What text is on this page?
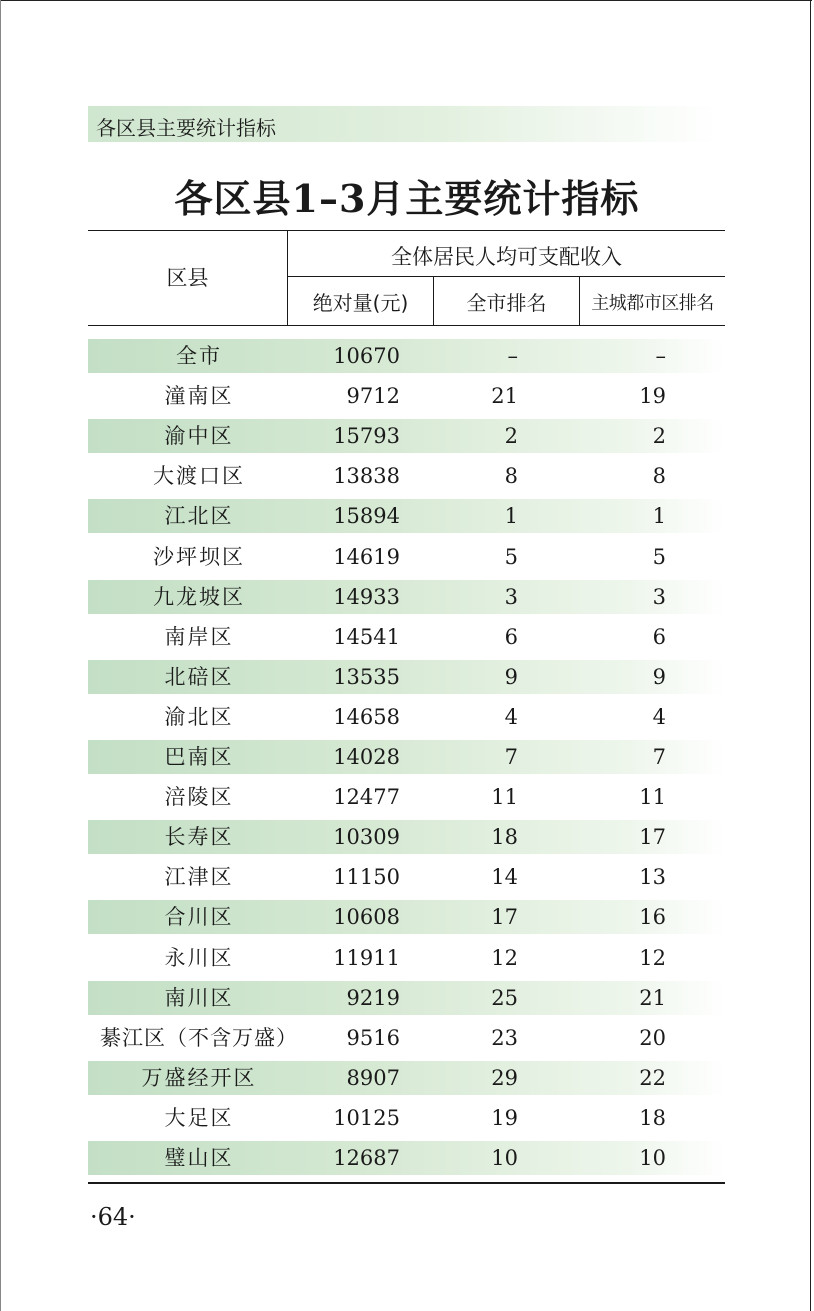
各区县主要统计指标
各区县1–3月主要统计指标
区县
全体居民人均可支配收入
绝对量(元)	全市排名	主城都市区排名
全市	10670	–	–
潼南区	9712	21	19
渝中区	15793	2	2
大渡口区	13838	8	8
江北区	15894	1	1
沙坪坝区	14619	5	5
九龙坡区	14933	3	3
南岸区	14541	6	6
北碚区	13535	9	9
渝北区	14658	4	4
巴南区	14028	7	7
涪陵区	12477	11	11
长寿区	10309	18	17
江津区	11150	14	13
合川区	10608	17	16
永川区	11911	12	12
南川区	9219	25	21
綦江区（不含万盛）	9516	23	20
万盛经开区	8907	29	22
大足区	10125	19	18
璧山区	12687	10	10
·64·
